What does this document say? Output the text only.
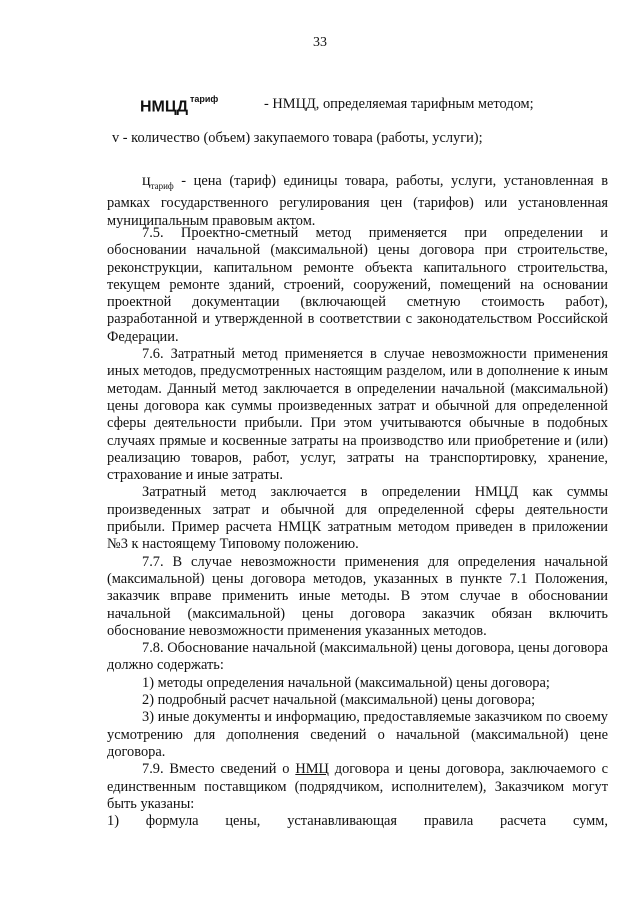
33
НМЦД $^{тариф}$	- НМЦД, определяемая тарифным методом;
v - количество (объем) закупаемого товара (работы, услуги);
$ц_{тариф}$ - цена (тариф) единицы товара, работы, услуги, установленная в рамках государственного регулирования цен (тарифов) или установленная муниципальным правовым актом.

7.5. Проектно-сметный метод применяется при определении и обосновании начальной (максимальной) цены договора при строительстве, реконструкции, капитальном ремонте объекта капитального строительства, текущем ремонте зданий, строений, сооружений, помещений на основании проектной документации (включающей сметную стоимость работ), разработанной и утвержденной в соответствии с законодательством Российской Федерации.

7.6. Затратный метод применяется в случае невозможности применения иных методов, предусмотренных настоящим разделом, или в дополнение к иным методам. Данный метод заключается в определении начальной (максимальной) цены договора как суммы произведенных затрат и обычной для определенной сферы деятельности прибыли. При этом учитываются обычные в подобных случаях прямые и косвенные затраты на производство или приобретение и (или) реализацию товаров, работ, услуг, затраты на транспортировку, хранение, страхование и иные затраты.

Затратный метод заключается в определении НМЦД как суммы произведенных затрат и обычной для определенной сферы деятельности прибыли. Пример расчета НМЦК затратным методом приведен в приложении №3 к настоящему Типовому положению.

7.7. В случае невозможности применения для определения начальной (максимальной) цены договора методов, указанных в пункте 7.1 Положения, заказчик вправе применить иные методы. В этом случае в обосновании начальной (максимальной) цены договора заказчик обязан включить обоснование невозможности применения указанных методов.

7.8. Обоснование начальной (максимальной) цены договора, цены договора должно содержать:

1) методы определения начальной (максимальной) цены договора;

2) подробный расчет начальной (максимальной) цены договора;

3) иные документы и информацию, предоставляемые заказчиком по своему усмотрению для дополнения сведений о начальной (максимальной) цене договора.

7.9. Вместо сведений о НМЦ договора и цены договора, заключаемого с единственным поставщиком (подрядчиком, исполнителем), Заказчиком могут быть указаны:

1) формула цены, устанавливающая правила расчета сумм,
